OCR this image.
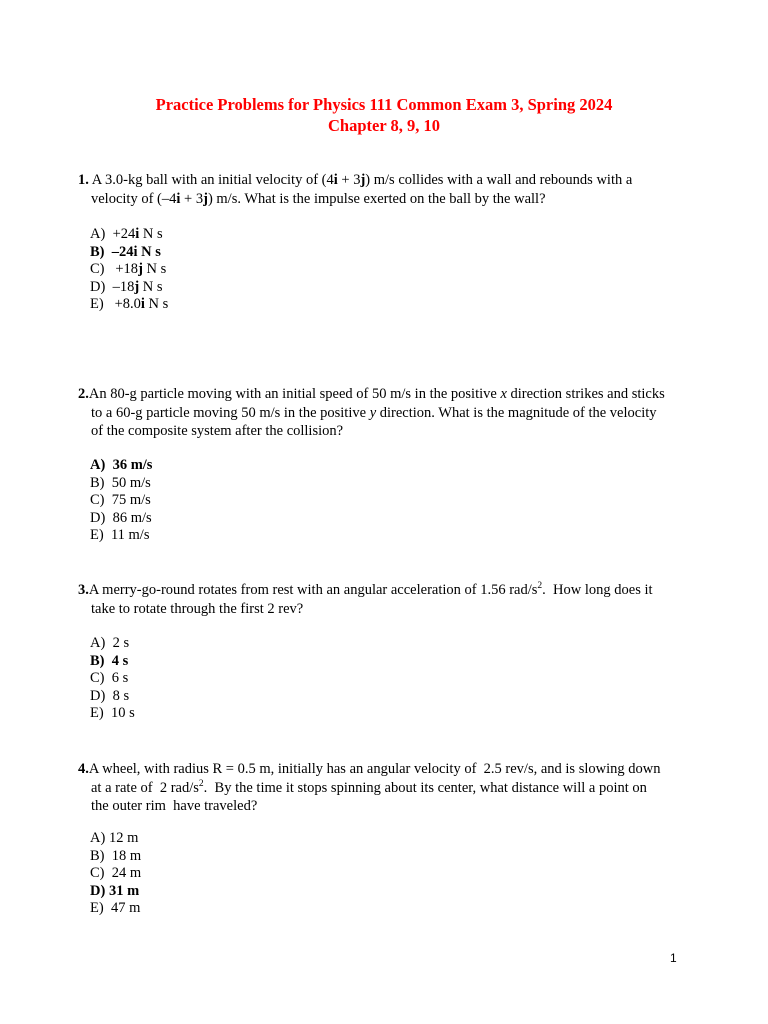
Practice Problems for Physics 111 Common Exam 3, Spring 2024
Chapter 8, 9, 10
1. A 3.0-kg ball with an initial velocity of (4i + 3j) m/s collides with a wall and rebounds with a
velocity of (–4i + 3j) m/s. What is the impulse exerted on the ball by the wall?
A)  +24i N s
B)  –24i N s
C)   +18j N s
D)  –18j N s
E)   +8.0i N s
2.An 80-g particle moving with an initial speed of 50 m/s in the positive x direction strikes and sticks
to a 60-g particle moving 50 m/s in the positive y direction. What is the magnitude of the velocity
of the composite system after the collision?
A)  36 m/s
B)  50 m/s
C)  75 m/s
D)  86 m/s
E)  11 m/s
3.A merry-go-round rotates from rest with an angular acceleration of 1.56 rad/$s^2$.  How long does it
take to rotate through the first 2 rev?
A)  2 s
B)  4 s
C)  6 s
D)  8 s
E)  10 s
4.A wheel, with radius R = 0.5 m, initially has an angular velocity of  2.5 rev/s, and is slowing down
at a rate of  2 rad/$s^2$.  By the time it stops spinning about its center, what distance will a point on
the outer rim  have traveled?
A) 12 m
B)  18 m
C)  24 m
D) 31 m
E)  47 m
1
